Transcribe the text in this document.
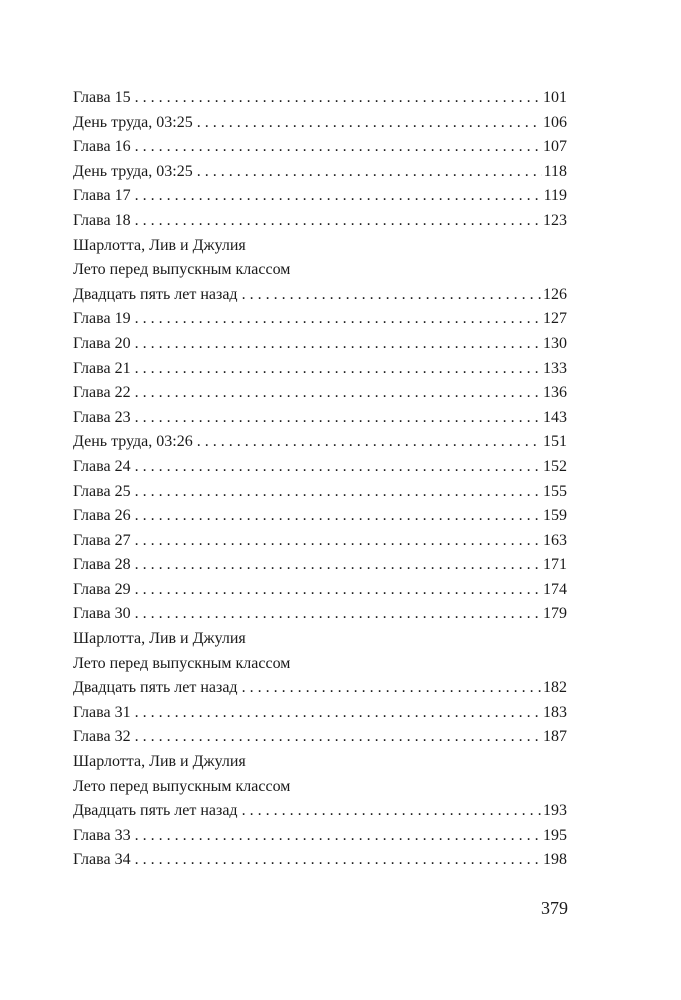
Глава 15 . . .	101
День труда, 03:25 . . .	106
Глава 16 . . .	107
День труда, 03:25 . . .	118
Глава 17 . . .	119
Глава 18 . . .	123
Шарлотта, Лив и Джулия
Лето перед выпускным классом
Двадцать пять лет назад . . .	126
Глава 19 . . .	127
Глава 20 . . .	130
Глава 21 . . .	133
Глава 22 . . .	136
Глава 23 . . .	143
День труда, 03:26 . . .	151
Глава 24 . . .	152
Глава 25 . . .	155
Глава 26 . . .	159
Глава 27 . . .	163
Глава 28 . . .	171
Глава 29 . . .	174
Глава 30 . . .	179
Шарлотта, Лив и Джулия
Лето перед выпускным классом
Двадцать пять лет назад . . .	182
Глава 31 . . .	183
Глава 32 . . .	187
Шарлотта, Лив и Джулия
Лето перед выпускным классом
Двадцать пять лет назад . . .	193
Глава 33 . . .	195
Глава 34 . . .	198
379
